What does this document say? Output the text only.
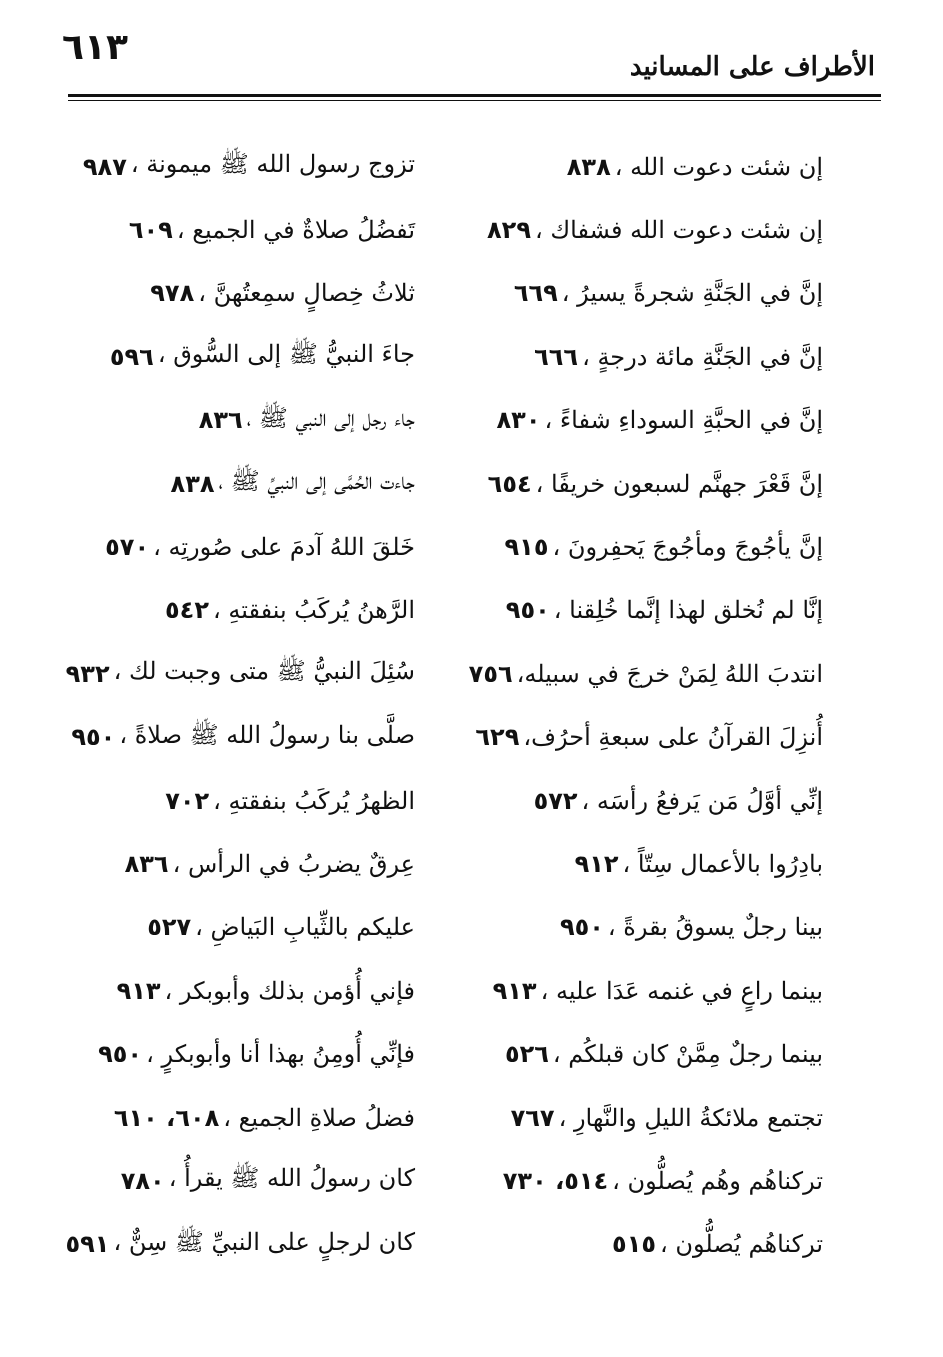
٦١٣	الأطراف على المسانيد
إن شئت دعوت الله ،
٨٣٨
إن شئت دعوت الله فشفاك ،
٨٢٩
إنَّ في الجَنَّةِ شجرةً يسيرُ ،
٦٦٩
إنَّ في الجَنَّةِ مائة درجةٍ ،
٦٦٦
إنَّ في الحبَّةِ السوداءِ شفاءً ،
٨٣٠
إنَّ قَعْرَ جهنَّم لسبعون خريفًا ،
٦٥٤
إنَّ يأجُوجَ ومأجُوجَ يَحفِرونَ ،
٩١٥
إنَّا لم نُخلق لهذا إنَّما خُلِقنا ،
٩٥٠
انتدبَ اللهُ لِمَنْ خرجَ في سبيله،
٧٥٦
أُنزِلَ القرآنُ على سبعةِ أحرُف،
٦٢٩
إنِّي أوَّلُ مَن يَرفعُ رأسَه ،
٥٧٢
بادِرُوا بالأعمال سِتّاً ،
٩١٢
بينا رجلٌ يسوقُ بقرةً ،
٩٥٠
بينما راعٍ في غنمه عَدَا عليه ،
٩١٣
بينما رجلٌ مِمَّنْ كان قبلكُم ،
٥٢٦
تجتمع ملائكةُ الليلِ والنَّهارِ ،
٧٦٧
تركناهُم وهُم يُصلُّون ،
٥١٤، ٧٣٠
تركناهُم يُصلُّون ،
٥١٥
تزوج رسول الله ﷺ ميمونة ،
٩٨٧
تَفضُلُ صلاةٌ في الجميع ،
٦٠٩
ثلاثُ خِصالٍ سمِعتُهنَّ ،
٩٧٨
جاءَ النبيُّ ﷺ إلى السُّوق ،
٥٩٦
جاء رجل إلى النبي ﷺ ،
٨٣٦
جاءت الحُمَّى إلى النبيِّ ﷺ ،
٨٣٨
خَلقَ اللهُ آدمَ على صُورتِه ،
٥٧٠
الرَّهنُ يُركَبُ بنفقتهِ ،
٥٤٢
سُئِلَ النبيُّ ﷺ متى وجبت لك ،
٩٣٢
صلَّى بنا رسولُ الله ﷺ صلاةً ،
٩٥٠
الظهرُ يُركَبُ بنفقتهِ ،
٧٠٢
عِرقٌ يضربُ في الرأس ،
٨٣٦
عليكم بالثِّيابِ البَياضِ ،
٥٢٧
فإني أُؤمن بذلك وأبوبكر ،
٩١٣
فإنِّي أُومِنُ بهذا أنا وأبوبكرٍ ،
٩٥٠
فضلُ صلاةِ الجميع ،
٦٠٨، ٦١٠
كان رسولُ الله ﷺ يقرأُ ،
٧٨٠
كان لرجلٍ على النبيِّ ﷺ سِنٌّ ،
٥٩١
